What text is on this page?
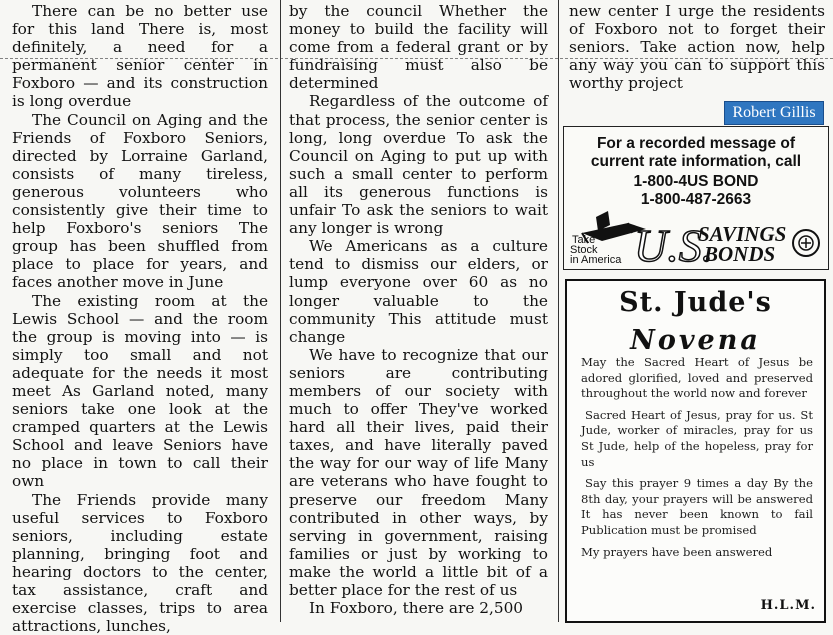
There can be no better use for this land There is, most definitely, a need for a permanent senior center in Foxboro — and its construction is long overdue

The Council on Aging and the Friends of Foxboro Seniors, directed by Lorraine Garland, consists of many tireless, generous volunteers who consistently give their time to help Foxboro's seniors The group has been shuffled from place to place for years, and faces another move in June

The existing room at the Lewis School — and the room the group is moving into — is simply too small and not adequate for the needs it most meet As Garland noted, many seniors take one look at the cramped quarters at the Lewis School and leave Seniors have no place in town to call their own

The Friends provide many useful services to Foxboro seniors, including estate planning, bringing foot and hearing doctors to the center, tax assistance, craft and exercise classes, trips to area attractions, lunches,

by the council Whether the money to build the facility will come from a federal grant or by fundraising must also be determined

Regardless of the outcome of that process, the senior center is long, long overdue To ask the Council on Aging to put up with such a small center to perform all its generous functions is unfair To ask the seniors to wait any longer is wrong

We Americans as a culture tend to dismiss our elders, or lump everyone over 60 as no longer valuable to the community This attitude must change

We have to recognize that our seniors are contributing members of our society with much to offer They've worked hard all their lives, paid their taxes, and have literally paved the way for our way of life Many are veterans who have fought to preserve our freedom Many contributed in other ways, by serving in government, raising families or just by working to make the world a little bit of a better place for the rest of us

In Foxboro, there are 2,500

new center I urge the residents of Foxboro not to forget their seniors. Take action now, help any way you can to support this worthy project

Robert Gillis
For a recorded message of
current rate information, call
1-800-4US BOND
1-800-487-2663
Take
Stock
in America U.S.
SAVINGS
BONDS
St. Jude's
Novena

May the Sacred Heart of Jesus be adored glorified, loved and preserved throughout the world now and forever

Sacred Heart of Jesus, pray for us. St Jude, worker of miracles, pray for us St Jude, help of the hopeless, pray for us

Say this prayer 9 times a day By the 8th day, your prayers will be answered It has never been known to fail Publication must be promised

My prayers have been answered

H.L.M.
